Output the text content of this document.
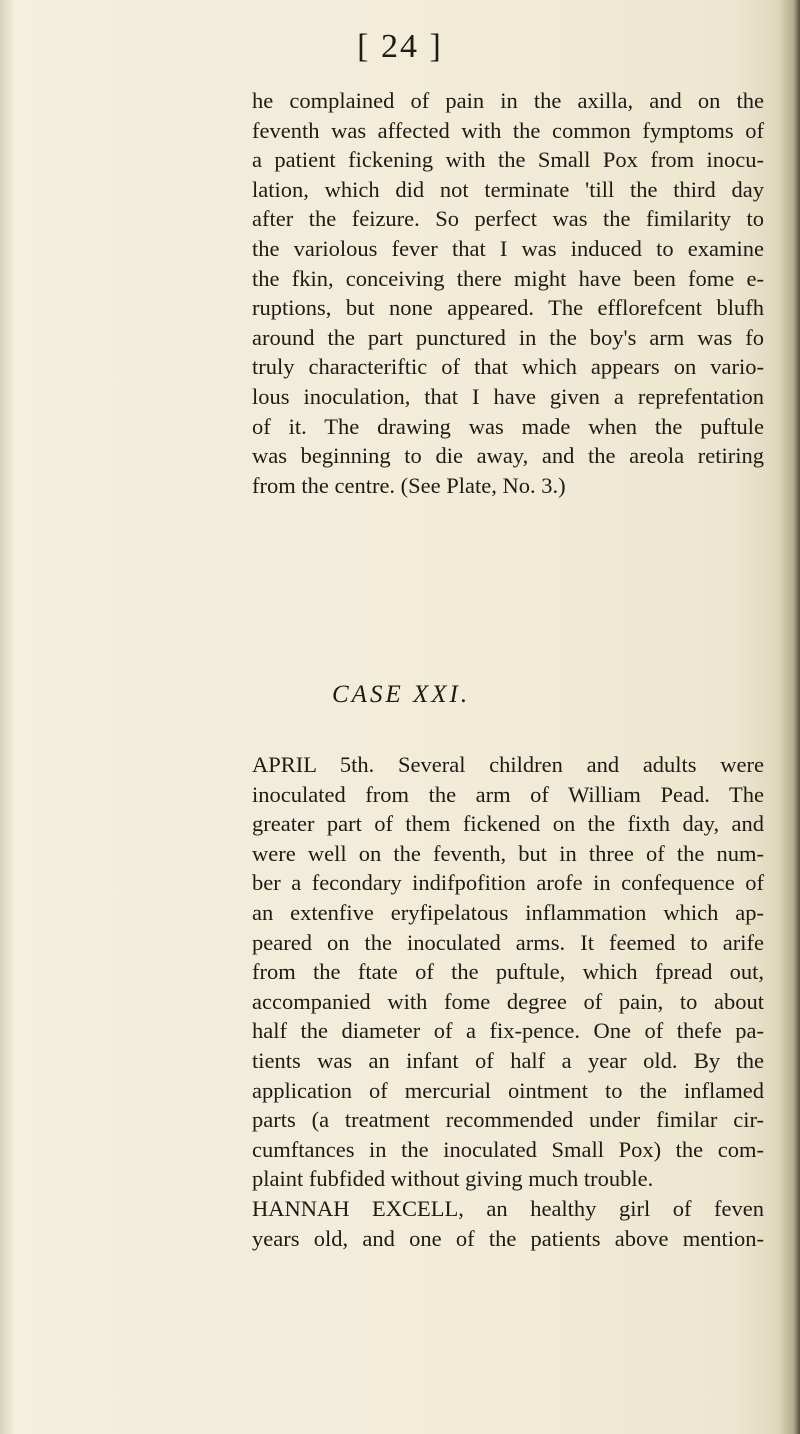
[ 24 ]
he complained of pain in the axilla, and on the
feventh was affected with the common fymptoms of
a patient fickening with the Small Pox from inocu-
lation, which did not terminate 'till the third day
after the feizure. So perfect was the fimilarity to
the variolous fever that I was induced to examine
the fkin, conceiving there might have been fome e-
ruptions, but none appeared. The efflorefcent blufh
around the part punctured in the boy's arm was fo
truly characteriftic of that which appears on vario-
lous inoculation, that I have given a reprefentation
of it. The drawing was made when the puftule
was beginning to die away, and the areola retiring
from the centre. (See Plate, No. 3.)
CASE XXI.
APRIL 5th. Several children and adults were
inoculated from the arm of William Pead. The
greater part of them fickened on the fixth day, and
were well on the feventh, but in three of the num-
ber a fecondary indifpofition arofe in confequence of
an extenfive eryfipelatous inflammation which ap-
peared on the inoculated arms. It feemed to arife
from the ftate of the puftule, which fpread out,
accompanied with fome degree of pain, to about
half the diameter of a fix-pence. One of thefe pa-
tients was an infant of half a year old. By the
application of mercurial ointment to the inflamed
parts (a treatment recommended under fimilar cir-
cumftances in the inoculated Small Pox) the com-
plaint fubfided without giving much trouble.
HANNAH EXCELL, an healthy girl of feven
years old, and one of the patients above mention-
